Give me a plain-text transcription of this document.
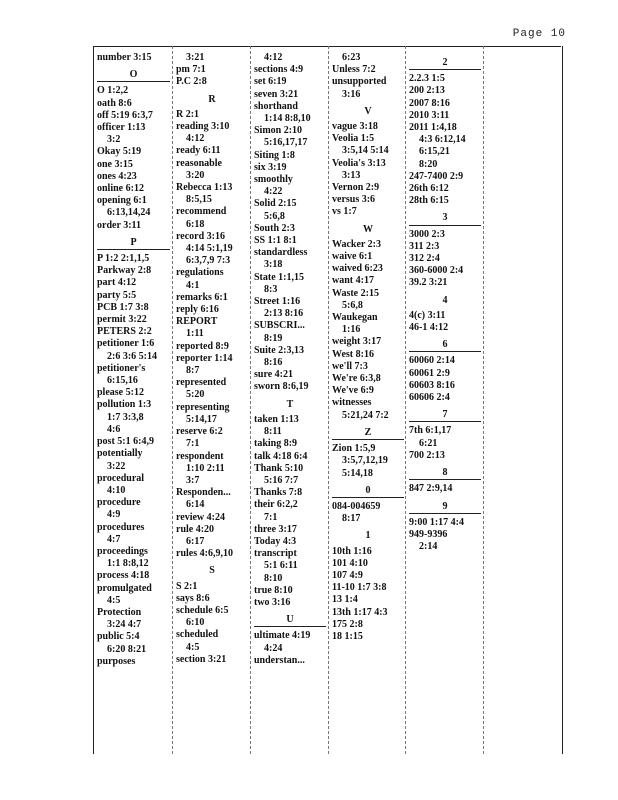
Page 10
number 3:15
O
O 1:2,2
oath 8:6
off 5:19 6:3,7
officer 1:13
3:2
Okay 5:19
one 3:15
ones 4:23
online 6:12
opening 6:1
6:13,14,24
order 3:11
P
P 1:2 2:1,1,5
Parkway 2:8
part 4:12
party 5:5
PCB 1:7 3:8
permit 3:22
PETERS 2:2
petitioner 1:6
2:6 3:6 5:14
petitioner's
6:15,16
please 5:12
pollution 1:3
1:7 3:3,8
4:6
post 5:1 6:4,9
potentially
3:22
procedural
4:10
procedure
4:9
procedures
4:7
proceedings
1:1 8:8,12
process 4:18
promulgated
4:5
Protection
3:24 4:7
public 5:4
6:20 8:21
purposes
3:21
pm 7:1
P.C 2:8
R
R 2:1
reading 3:10
4:12
ready 6:11
reasonable
3:20
Rebecca 1:13
8:5,15
recommend
6:18
record 3:16
4:14 5:1,19
6:3,7,9 7:3
regulations
4:1
remarks 6:1
reply 6:16
REPORT
1:11
reported 8:9
reporter 1:14
8:7
represented
5:20
representing
5:14,17
reserve 6:2
7:1
respondent
1:10 2:11
3:7
Responden...
6:14
review 4:24
rule 4:20
6:17
rules 4:6,9,10
S
S 2:1
says 8:6
schedule 6:5
6:10
scheduled
4:5
section 3:21
4:12
sections 4:9
set 6:19
seven 3:21
shorthand
1:14 8:8,10
Simon 2:10
5:16,17,17
Siting 1:8
six 3:19
smoothly
4:22
Solid 2:15
5:6,8
South 2:3
SS 1:1 8:1
standardless
3:18
State 1:1,15
8:3
Street 1:16
2:13 8:16
SUBSCRI...
8:19
Suite 2:3,13
8:16
sure 4:21
sworn 8:6,19
T
taken 1:13
8:11
taking 8:9
talk 4:18 6:4
Thank 5:10
5:16 7:7
Thanks 7:8
their 6:2,2
7:1
three 3:17
Today 4:3
transcript
5:1 6:11
8:10
true 8:10
two 3:16
U
ultimate 4:19
4:24
understan...
6:23
Unless 7:2
unsupported
3:16
V
vague 3:18
Veolia 1:5
3:5,14 5:14
Veolia's 3:13
3:13
Vernon 2:9
versus 3:6
vs 1:7
W
Wacker 2:3
waive 6:1
waived 6:23
want 4:17
Waste 2:15
5:6,8
Waukegan
1:16
weight 3:17
West 8:16
we'll 7:3
We're 6:3,8
We've 6:9
witnesses
5:21,24 7:2
Z
Zion 1:5,9
3:5,7,12,19
5:14,18
0
084-004659
8:17
1
10th 1:16
101 4:10
107 4:9
11-10 1:7 3:8
13 1:4
13th 1:17 4:3
175 2:8
18 1:15
2
2.2.3 1:5
200 2:13
2007 8:16
2010 3:11
2011 1:4,18
4:3 6:12,14
6:15,21
8:20
247-7400 2:9
26th 6:12
28th 6:15
3
3000 2:3
311 2:3
312 2:4
360-6000 2:4
39.2 3:21
4
4(c) 3:11
46-1 4:12
6
60060 2:14
60061 2:9
60603 8:16
60606 2:4
7
7th 6:1,17
6:21
700 2:13
8
847 2:9,14
9
9:00 1:17 4:4
949-9396
2:14
